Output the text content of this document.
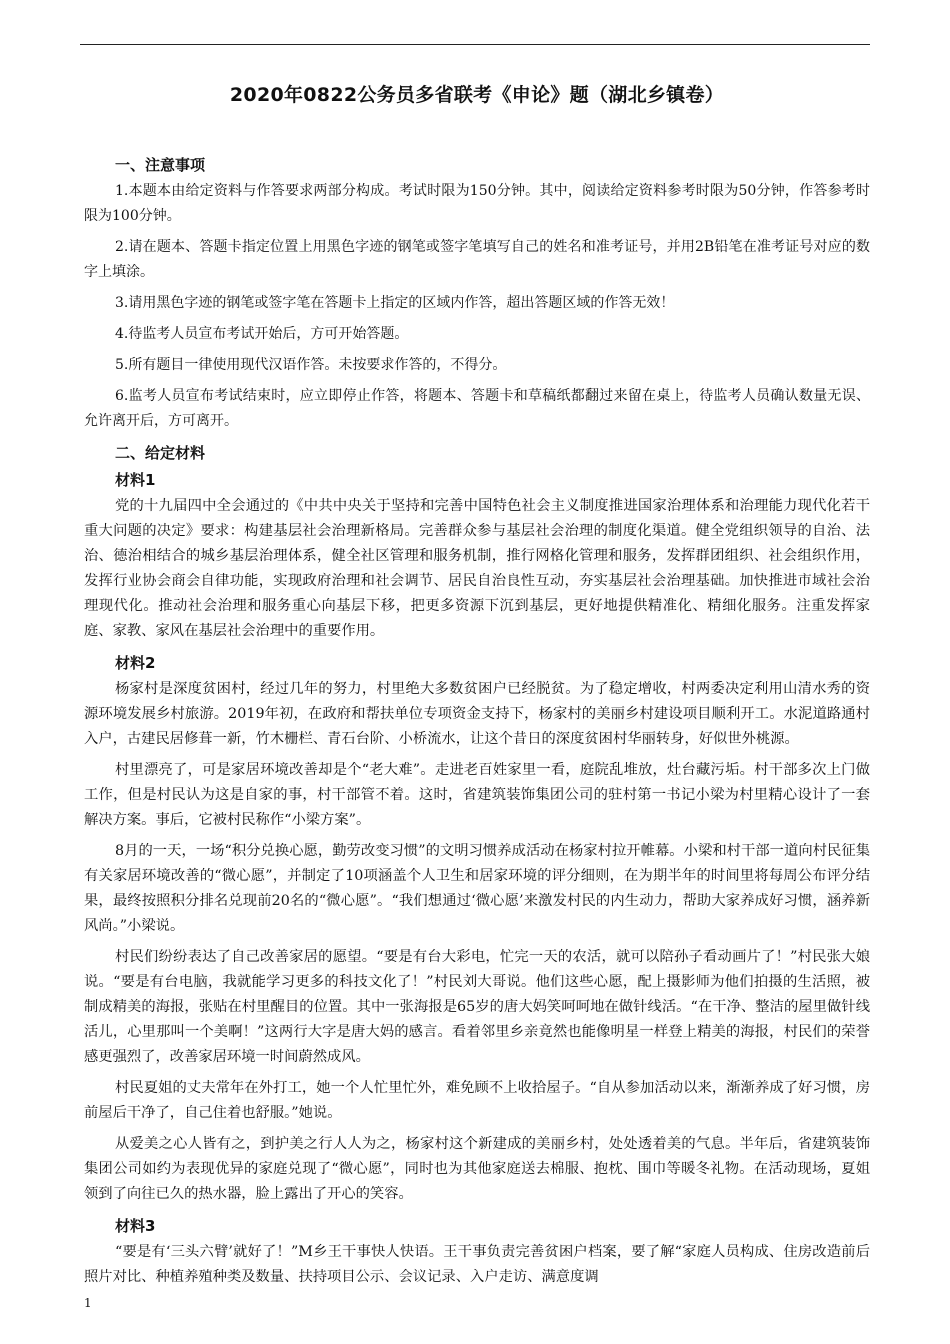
2020年0822公务员多省联考《申论》题（湖北乡镇卷）
一、注意事项

1.本题本由给定资料与作答要求两部分构成。考试时限为150分钟。其中，阅读给定资料参考时限为50分钟，作答参考时限为100分钟。

2.请在题本、答题卡指定位置上用黑色字迹的钢笔或签字笔填写自己的姓名和准考证号，并用2B铅笔在准考证号对应的数字上填涂。

3.请用黑色字迹的钢笔或签字笔在答题卡上指定的区域内作答，超出答题区域的作答无效！

4.待监考人员宣布考试开始后，方可开始答题。

5.所有题目一律使用现代汉语作答。未按要求作答的，不得分。

6.监考人员宣布考试结束时，应立即停止作答，将题本、答题卡和草稿纸都翻过来留在桌上，待监考人员确认数量无误、允许离开后，方可离开。

二、给定材料
材料1

党的十九届四中全会通过的《中共中央关于坚持和完善中国特色社会主义制度推进国家治理体系和治理能力现代化若干重大问题的决定》要求：构建基层社会治理新格局。完善群众参与基层社会治理的制度化渠道。健全党组织领导的自治、法治、德治相结合的城乡基层治理体系，健全社区管理和服务机制，推行网格化管理和服务，发挥群团组织、社会组织作用，发挥行业协会商会自律功能，实现政府治理和社会调节、居民自治良性互动，夯实基层社会治理基础。加快推进市域社会治理现代化。推动社会治理和服务重心向基层下移，把更多资源下沉到基层，更好地提供精准化、精细化服务。注重发挥家庭、家教、家风在基层社会治理中的重要作用。

材料2

杨家村是深度贫困村，经过几年的努力，村里绝大多数贫困户已经脱贫。为了稳定增收，村两委决定利用山清水秀的资源环境发展乡村旅游。2019年初，在政府和帮扶单位专项资金支持下，杨家村的美丽乡村建设项目顺利开工。水泥道路通村入户，古建民居修葺一新，竹木栅栏、青石台阶、小桥流水，让这个昔日的深度贫困村华丽转身，好似世外桃源。

村里漂亮了，可是家居环境改善却是个“老大难”。走进老百姓家里一看，庭院乱堆放，灶台藏污垢。村干部多次上门做工作，但是村民认为这是自家的事，村干部管不着。这时，省建筑装饰集团公司的驻村第一书记小梁为村里精心设计了一套解决方案。事后，它被村民称作“小梁方案”。

8月的一天，一场“积分兑换心愿，勤劳改变习惯”的文明习惯养成活动在杨家村拉开帷幕。小梁和村干部一道向村民征集有关家居环境改善的“微心愿”，并制定了10项涵盖个人卫生和居家环境的评分细则，在为期半年的时间里将每周公布评分结果，最终按照积分排名兑现前20名的“微心愿”。“我们想通过‘微心愿’来激发村民的内生动力，帮助大家养成好习惯，涵养新风尚。”小梁说。

村民们纷纷表达了自己改善家居的愿望。“要是有台大彩电，忙完一天的农活，就可以陪孙子看动画片了！”村民张大娘说。“要是有台电脑，我就能学习更多的科技文化了！”村民刘大哥说。他们这些心愿，配上摄影师为他们拍摄的生活照，被制成精美的海报，张贴在村里醒目的位置。其中一张海报是65岁的唐大妈笑呵呵地在做针线活。“在干净、整洁的屋里做针线活儿，心里那叫一个美啊！”这两行大字是唐大妈的感言。看着邻里乡亲竟然也能像明星一样登上精美的海报，村民们的荣誉感更强烈了，改善家居环境一时间蔚然成风。

村民夏姐的丈夫常年在外打工，她一个人忙里忙外，难免顾不上收拾屋子。“自从参加活动以来，渐渐养成了好习惯，房前屋后干净了，自己住着也舒服。”她说。

从爱美之心人皆有之，到护美之行人人为之，杨家村这个新建成的美丽乡村，处处透着美的气息。半年后，省建筑装饰集团公司如约为表现优异的家庭兑现了“微心愿”，同时也为其他家庭送去棉服、抱枕、围巾等暖冬礼物。在活动现场，夏姐领到了向往已久的热水器，脸上露出了开心的笑容。

材料3

“要是有‘三头六臂’就好了！”M乡王干事快人快语。王干事负责完善贫困户档案，要了解“家庭人员构成、住房改造前后照片对比、种植养殖种类及数量、扶持项目公示、会议记录、入户走访、满意度调

1
